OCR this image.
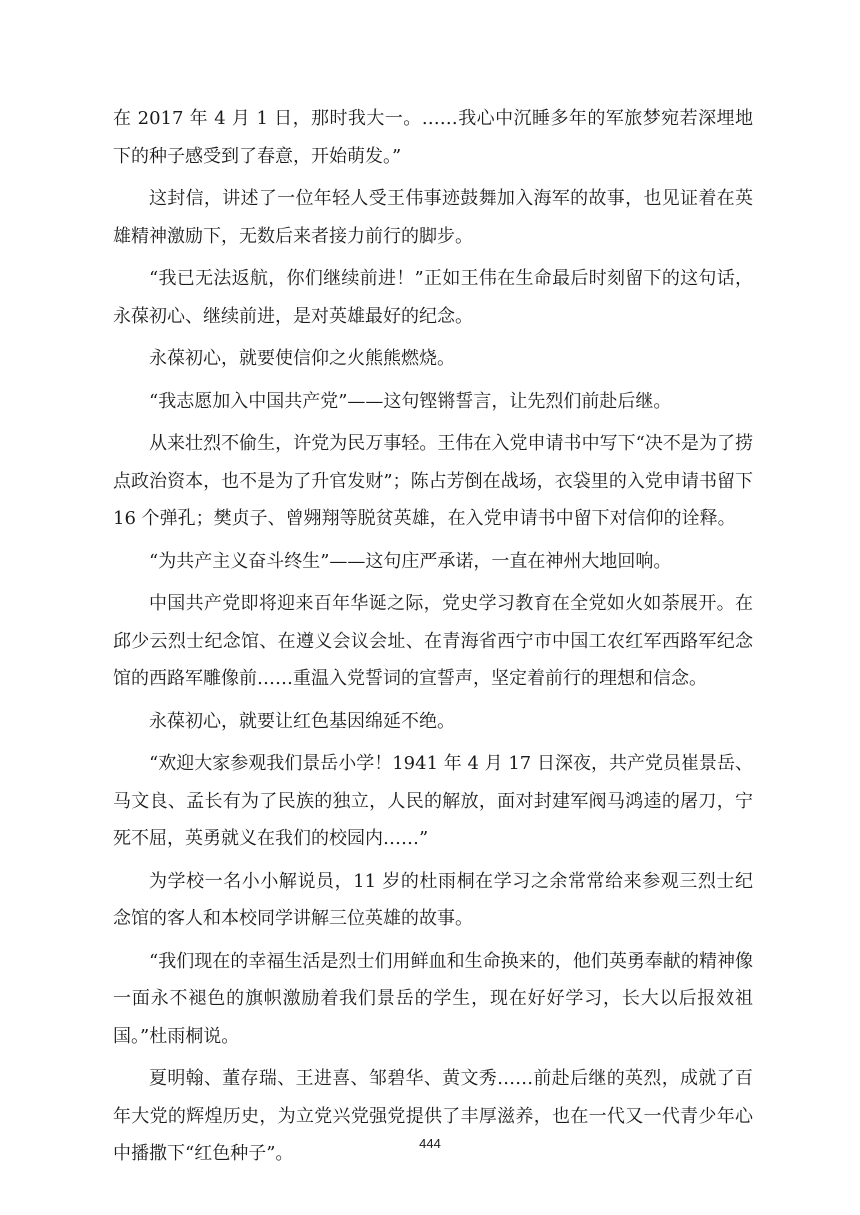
在 2017 年 4 月 1 日，那时我大一。……我心中沉睡多年的军旅梦宛若深埋地下的种子感受到了春意，开始萌发。”

这封信，讲述了一位年轻人受王伟事迹鼓舞加入海军的故事，也见证着在英雄精神激励下，无数后来者接力前行的脚步。

“我已无法返航，你们继续前进！”正如王伟在生命最后时刻留下的这句话，永葆初心、继续前进，是对英雄最好的纪念。

永葆初心，就要使信仰之火熊熊燃烧。

“我志愿加入中国共产党”——这句铿锵誓言，让先烈们前赴后继。

从来壮烈不偷生，许党为民万事轻。王伟在入党申请书中写下“决不是为了捞点政治资本，也不是为了升官发财”；陈占芳倒在战场，衣袋里的入党申请书留下 16 个弹孔；樊贞子、曾翙翔等脱贫英雄，在入党申请书中留下对信仰的诠释。

“为共产主义奋斗终生”——这句庄严承诺，一直在神州大地回响。

中国共产党即将迎来百年华诞之际，党史学习教育在全党如火如荼展开。在邱少云烈士纪念馆、在遵义会议会址、在青海省西宁市中国工农红军西路军纪念馆的西路军雕像前……重温入党誓词的宣誓声，坚定着前行的理想和信念。

永葆初心，就要让红色基因绵延不绝。

“欢迎大家参观我们景岳小学！1941 年 4 月 17 日深夜，共产党员崔景岳、马文良、孟长有为了民族的独立，人民的解放，面对封建军阀马鸿逵的屠刀，宁死不屈，英勇就义在我们的校园内……”

为学校一名小小解说员，11 岁的杜雨桐在学习之余常常给来参观三烈士纪念馆的客人和本校同学讲解三位英雄的故事。

“我们现在的幸福生活是烈士们用鲜血和生命换来的，他们英勇奉献的精神像一面永不褪色的旗帜激励着我们景岳的学生，现在好好学习，长大以后报效祖国。”杜雨桐说。

夏明翰、董存瑞、王进喜、邹碧华、黄文秀……前赴后继的英烈，成就了百年大党的辉煌历史，为立党兴党强党提供了丰厚滋养，也在一代又一代青少年心中播撒下“红色种子”。	444
